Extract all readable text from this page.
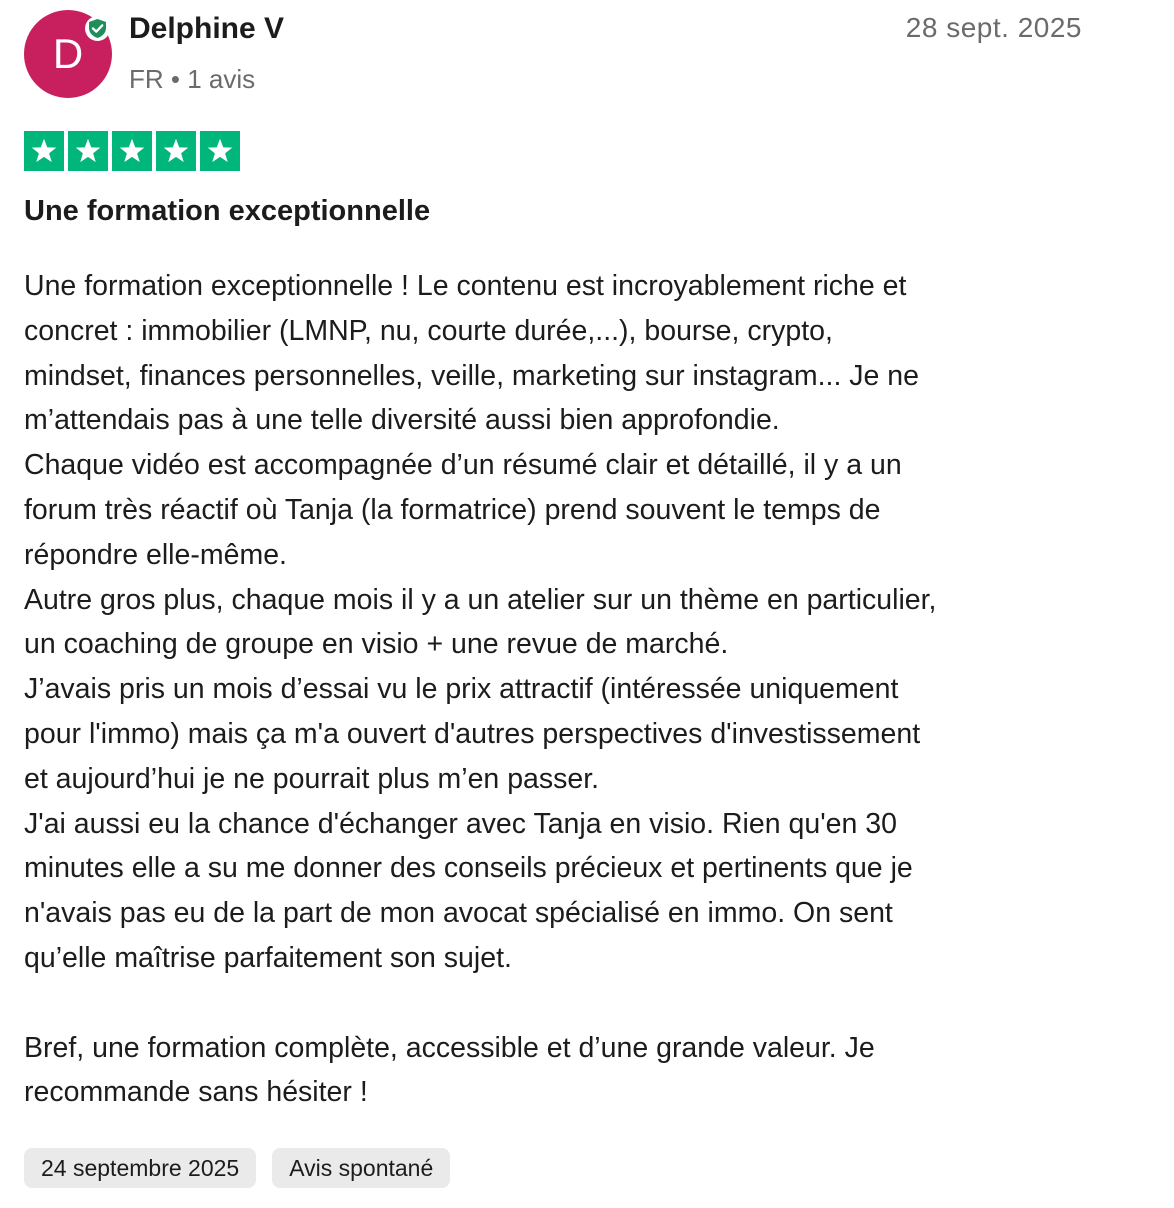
D
Delphine V
FR • 1 avis
28 sept. 2025
Une formation exceptionnelle
Une formation exceptionnelle ! Le contenu est incroyablement riche et
concret : immobilier (LMNP, nu, courte durée,...), bourse, crypto,
mindset, finances personnelles, veille, marketing sur instagram... Je ne
m’attendais pas à une telle diversité aussi bien approfondie.
Chaque vidéo est accompagnée d’un résumé clair et détaillé, il y a un
forum très réactif où Tanja (la formatrice) prend souvent le temps de
répondre elle-même.
Autre gros plus, chaque mois il y a un atelier sur un thème en particulier,
un coaching de groupe en visio + une revue de marché.
J’avais pris un mois d’essai vu le prix attractif (intéressée uniquement
pour l'immo) mais ça m'a ouvert d'autres perspectives d'investissement
et aujourd’hui je ne pourrait plus m’en passer.
J'ai aussi eu la chance d'échanger avec Tanja en visio. Rien qu'en 30
minutes elle a su me donner des conseils précieux et pertinents que je
n'avais pas eu de la part de mon avocat spécialisé en immo. On sent
qu’elle maîtrise parfaitement son sujet.
Bref, une formation complète, accessible et d’une grande valeur. Je
recommande sans hésiter !
24 septembre 2025	Avis spontané
